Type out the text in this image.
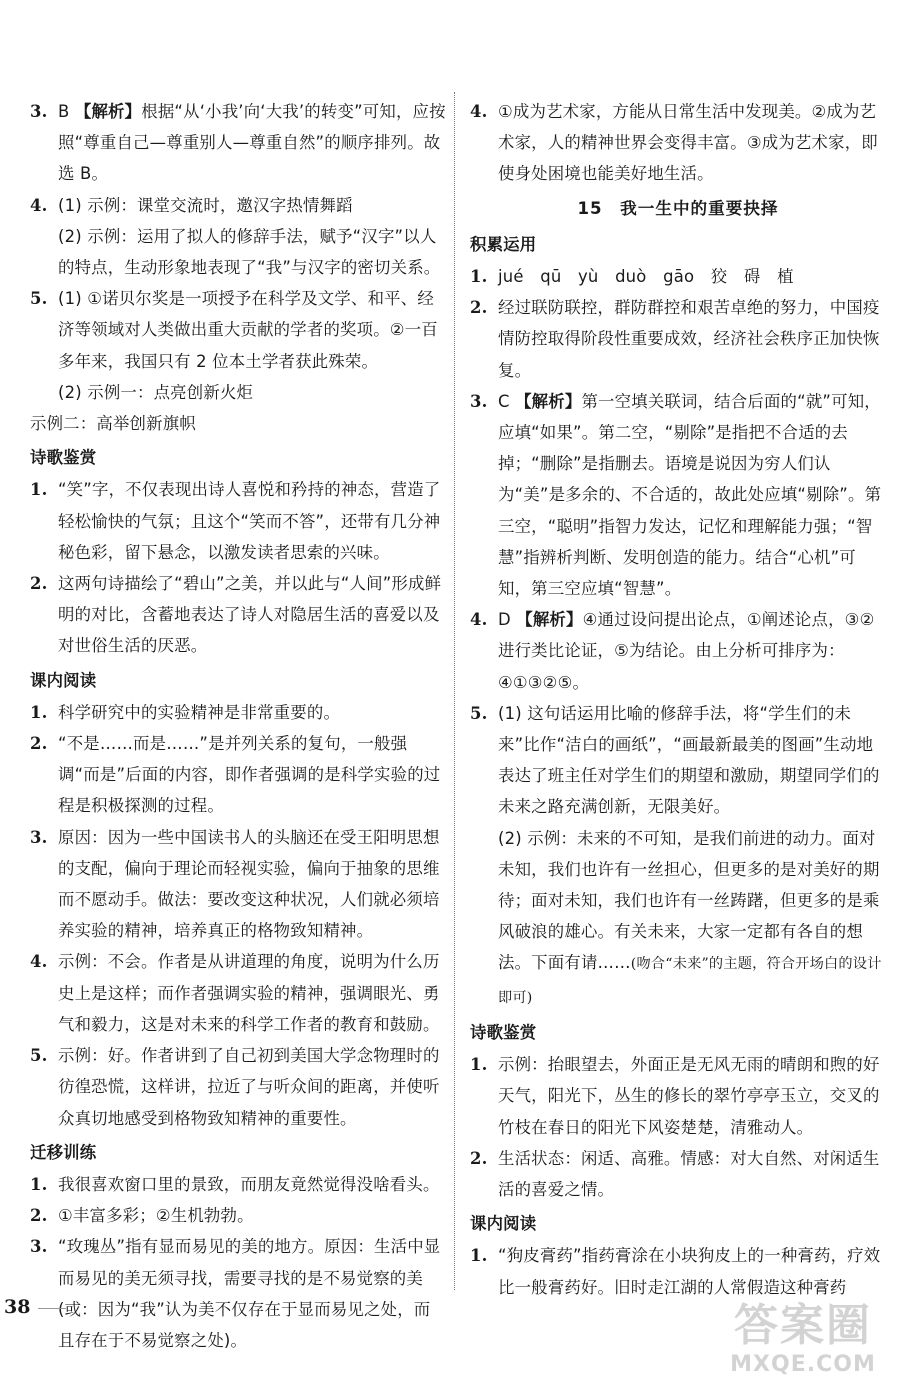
3. B 【解析】根据“从‘小我’向‘大我’的转变”可知，应按照“尊重自己—尊重别人—尊重自然”的顺序排列。故选 B。
4. (1) 示例：课堂交流时，邀汉字热情舞蹈
(2) 示例：运用了拟人的修辞手法，赋予“汉字”以人的特点，生动形象地表现了“我”与汉字的密切关系。
5. (1) ①诺贝尔奖是一项授予在科学及文学、和平、经济等领域对人类做出重大贡献的学者的奖项。②一百多年来，我国只有 2 位本土学者获此殊荣。
(2) 示例一：点亮创新火炬
示例二：高举创新旗帜
诗歌鉴赏
1. “笑”字，不仅表现出诗人喜悦和矜持的神态，营造了轻松愉快的气氛；且这个“笑而不答”，还带有几分神秘色彩，留下悬念，以激发读者思索的兴味。
2. 这两句诗描绘了“碧山”之美，并以此与“人间”形成鲜明的对比，含蓄地表达了诗人对隐居生活的喜爱以及对世俗生活的厌恶。
课内阅读
1. 科学研究中的实验精神是非常重要的。
2. “不是……而是……”是并列关系的复句，一般强调“而是”后面的内容，即作者强调的是科学实验的过程是积极探测的过程。
3. 原因：因为一些中国读书人的头脑还在受王阳明思想的支配，偏向于理论而轻视实验，偏向于抽象的思维而不愿动手。做法：要改变这种状况，人们就必须培养实验的精神，培养真正的格物致知精神。
4. 示例：不会。作者是从讲道理的角度，说明为什么历史上是这样；而作者强调实验的精神，强调眼光、勇气和毅力，这是对未来的科学工作者的教育和鼓励。
5. 示例：好。作者讲到了自己初到美国大学念物理时的彷徨恐慌，这样讲，拉近了与听众间的距离，并使听众真切地感受到格物致知精神的重要性。
迁移训练
1. 我很喜欢窗口里的景致，而朋友竟然觉得没啥看头。
2. ①丰富多彩；②生机勃勃。
3. “玫瑰丛”指有显而易见的美的地方。原因：生活中显而易见的美无须寻找，需要寻找的是不易觉察的美(或：因为“我”认为美不仅存在于显而易见之处，而且存在于不易觉察之处)。
4. ①成为艺术家，方能从日常生活中发现美。②成为艺术家，人的精神世界会变得丰富。③成为艺术家，即使身处困境也能美好地生活。
15　我一生中的重要抉择
积累运用
1. jué　qū　yù　duò　gāo　狡　碍　植
2. 经过联防联控，群防群控和艰苦卓绝的努力，中国疫情防控取得阶段性重要成效，经济社会秩序正加快恢复。
3. C 【解析】第一空填关联词，结合后面的“就”可知，应填“如果”。第二空，“剔除”是指把不合适的去掉；“删除”是指删去。语境是说因为穷人们认为“美”是多余的、不合适的，故此处应填“剔除”。第三空，“聪明”指智力发达，记忆和理解能力强；“智慧”指辨析判断、发明创造的能力。结合“心机”可知，第三空应填“智慧”。
4. D 【解析】④通过设问提出论点，①阐述论点，③②进行类比论证，⑤为结论。由上分析可排序为：④①③②⑤。
5. (1) 这句话运用比喻的修辞手法，将“学生们的未来”比作“洁白的画纸”，“画最新最美的图画”生动地表达了班主任对学生们的期望和激励，期望同学们的未来之路充满创新，无限美好。
(2) 示例：未来的不可知，是我们前进的动力。面对未知，我们也许有一丝担心，但更多的是对美好的期待；面对未知，我们也许有一丝踌躇，但更多的是乘风破浪的雄心。有关未来，大家一定都有各自的想法。下面有请……(吻合“未来”的主题，符合开场白的设计即可)
诗歌鉴赏
1. 示例：抬眼望去，外面正是无风无雨的晴朗和煦的好天气，阳光下，丛生的修长的翠竹亭亭玉立，交叉的竹枝在春日的阳光下风姿楚楚，清雅动人。
2. 生活状态：闲适、高雅。情感：对大自然、对闲适生活的喜爱之情。
课内阅读
1. “狗皮膏药”指药膏涂在小块狗皮上的一种膏药，疗效比一般膏药好。旧时走江湖的人常假造这种膏药
38	答案圈
MXQE.COM
